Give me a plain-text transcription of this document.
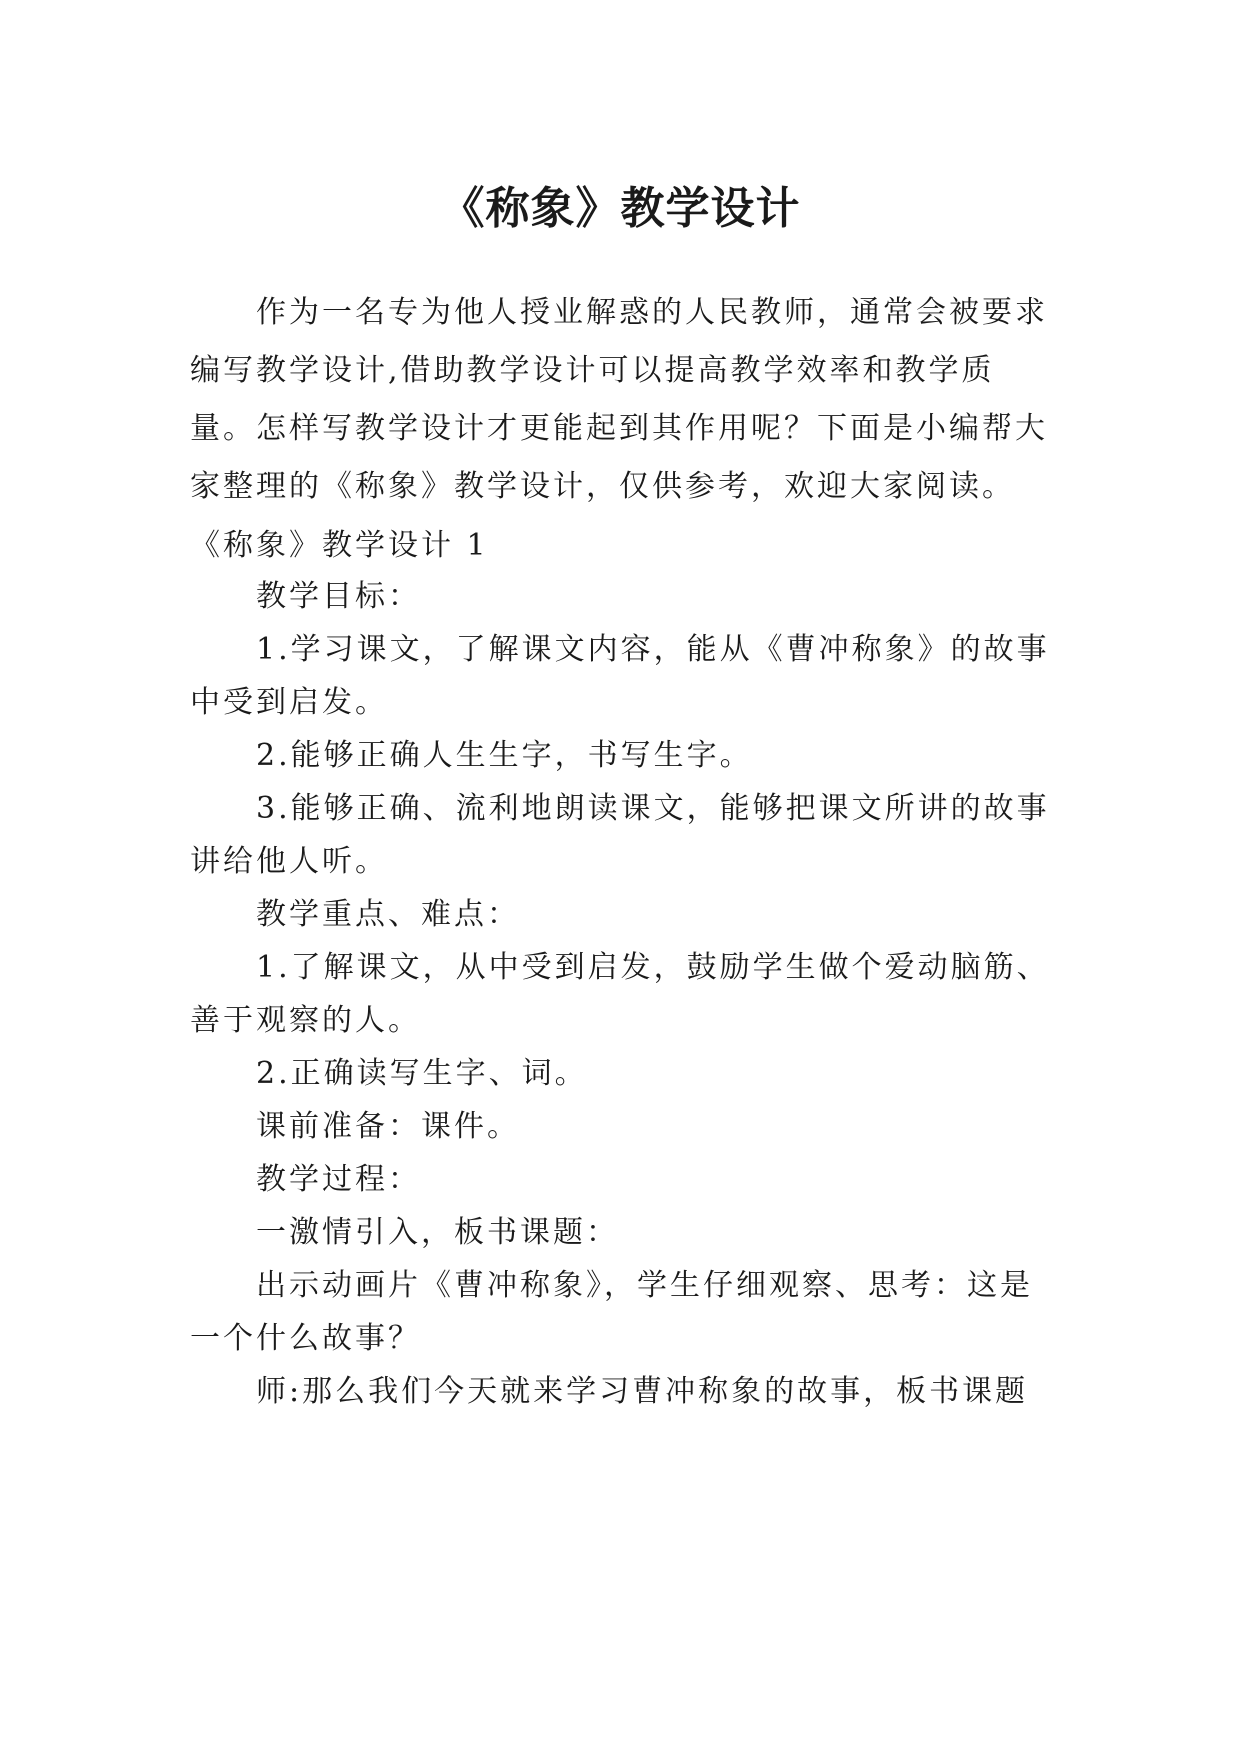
《称象》教学设计

作为一名专为他人授业解惑的人民教师，通常会被要求编写教学设计,借助教学设计可以提高教学效率和教学质量。怎样写教学设计才更能起到其作用呢？下面是小编帮大家整理的《称象》教学设计，仅供参考，欢迎大家阅读。

《称象》教学设计 1

教学目标：

1.学习课文，了解课文内容，能从《曹冲称象》的故事

中受到启发。

2.能够正确人生生字，书写生字。

3.能够正确、流利地朗读课文，能够把课文所讲的故事

讲给他人听。

教学重点、难点：

1.了解课文，从中受到启发，鼓励学生做个爱动脑筋、

善于观察的人。

2.正确读写生字、词。

课前准备：课件。

教学过程：

一激情引入，板书课题：

出示动画片《曹冲称象》，学生仔细观察、思考：这是

一个什么故事？

师:那么我们今天就来学习曹冲称象的故事，板书课题
